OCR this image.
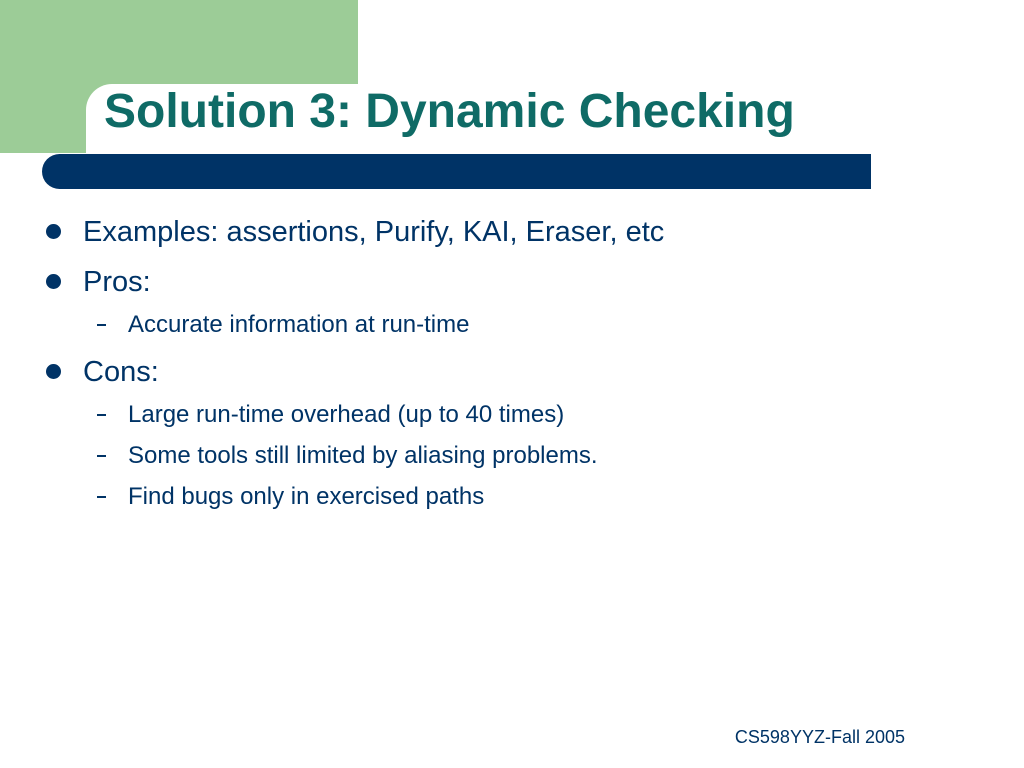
Solution 3: Dynamic Checking
Examples: assertions, Purify, KAI, Eraser, etc
Pros:
Accurate information at run-time
Cons:
Large run-time overhead (up to 40 times)
Some tools still limited by aliasing problems.
Find bugs only in exercised paths
CS598YYZ-Fall 2005
